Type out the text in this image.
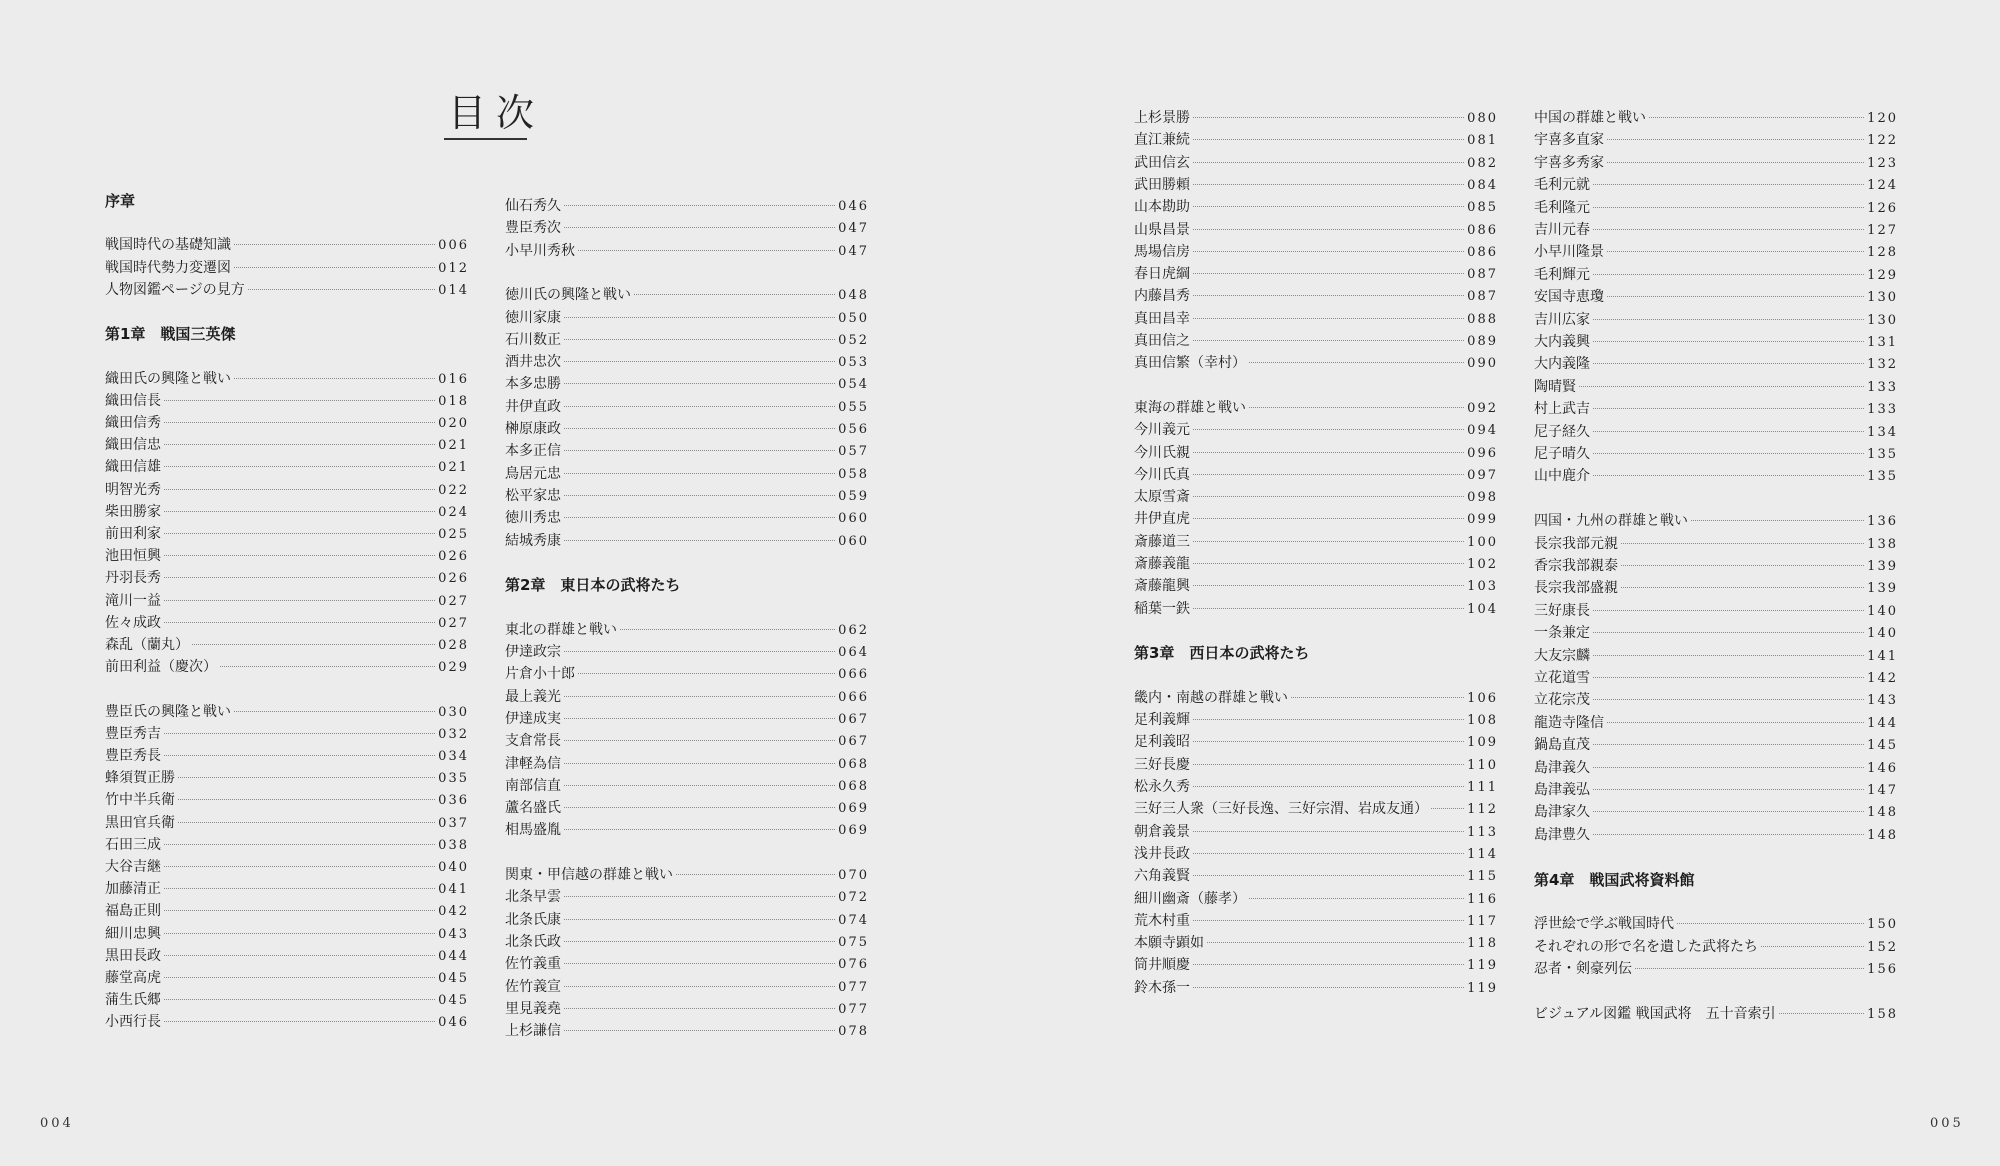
目次
序章
戦国時代の基礎知識	006
戦国時代勢力変遷図	012
人物図鑑ページの見方	014
第1章　戦国三英傑
織田氏の興隆と戦い	016
織田信長	018
織田信秀	020
織田信忠	021
織田信雄	021
明智光秀	022
柴田勝家	024
前田利家	025
池田恒興	026
丹羽長秀	026
滝川一益	027
佐々成政	027
森乱（蘭丸）	028
前田利益（慶次）	029
豊臣氏の興隆と戦い	030
豊臣秀吉	032
豊臣秀長	034
蜂須賀正勝	035
竹中半兵衛	036
黒田官兵衛	037
石田三成	038
大谷吉継	040
加藤清正	041
福島正則	042
細川忠興	043
黒田長政	044
藤堂高虎	045
蒲生氏郷	045
小西行長	046
仙石秀久	046
豊臣秀次	047
小早川秀秋	047
徳川氏の興隆と戦い	048
徳川家康	050
石川数正	052
酒井忠次	053
本多忠勝	054
井伊直政	055
榊原康政	056
本多正信	057
鳥居元忠	058
松平家忠	059
徳川秀忠	060
結城秀康	060
第2章　東日本の武将たち
東北の群雄と戦い	062
伊達政宗	064
片倉小十郎	066
最上義光	066
伊達成実	067
支倉常長	067
津軽為信	068
南部信直	068
蘆名盛氏	069
相馬盛胤	069
関東・甲信越の群雄と戦い	070
北条早雲	072
北条氏康	074
北条氏政	075
佐竹義重	076
佐竹義宣	077
里見義堯	077
上杉謙信	078
上杉景勝	080
直江兼続	081
武田信玄	082
武田勝頼	084
山本勘助	085
山県昌景	086
馬場信房	086
春日虎綱	087
内藤昌秀	087
真田昌幸	088
真田信之	089
真田信繁（幸村）	090
東海の群雄と戦い	092
今川義元	094
今川氏親	096
今川氏真	097
太原雪斎	098
井伊直虎	099
斎藤道三	100
斎藤義龍	102
斎藤龍興	103
稲葉一鉄	104
第3章　西日本の武将たち
畿内・南越の群雄と戦い	106
足利義輝	108
足利義昭	109
三好長慶	110
松永久秀	111
三好三人衆（三好長逸、三好宗渭、岩成友通）	112
朝倉義景	113
浅井長政	114
六角義賢	115
細川幽斎（藤孝）	116
荒木村重	117
本願寺顕如	118
筒井順慶	119
鈴木孫一	119
中国の群雄と戦い	120
宇喜多直家	122
宇喜多秀家	123
毛利元就	124
毛利隆元	126
吉川元春	127
小早川隆景	128
毛利輝元	129
安国寺恵瓊	130
吉川広家	130
大内義興	131
大内義隆	132
陶晴賢	133
村上武吉	133
尼子経久	134
尼子晴久	135
山中鹿介	135
四国・九州の群雄と戦い	136
長宗我部元親	138
香宗我部親泰	139
長宗我部盛親	139
三好康長	140
一条兼定	140
大友宗麟	141
立花道雪	142
立花宗茂	143
龍造寺隆信	144
鍋島直茂	145
島津義久	146
島津義弘	147
島津家久	148
島津豊久	148
第4章　戦国武将資料館
浮世絵で学ぶ戦国時代	150
それぞれの形で名を遺した武将たち	152
忍者・剣豪列伝	156
ビジュアル図鑑 戦国武将　五十音索引	158
004	005
